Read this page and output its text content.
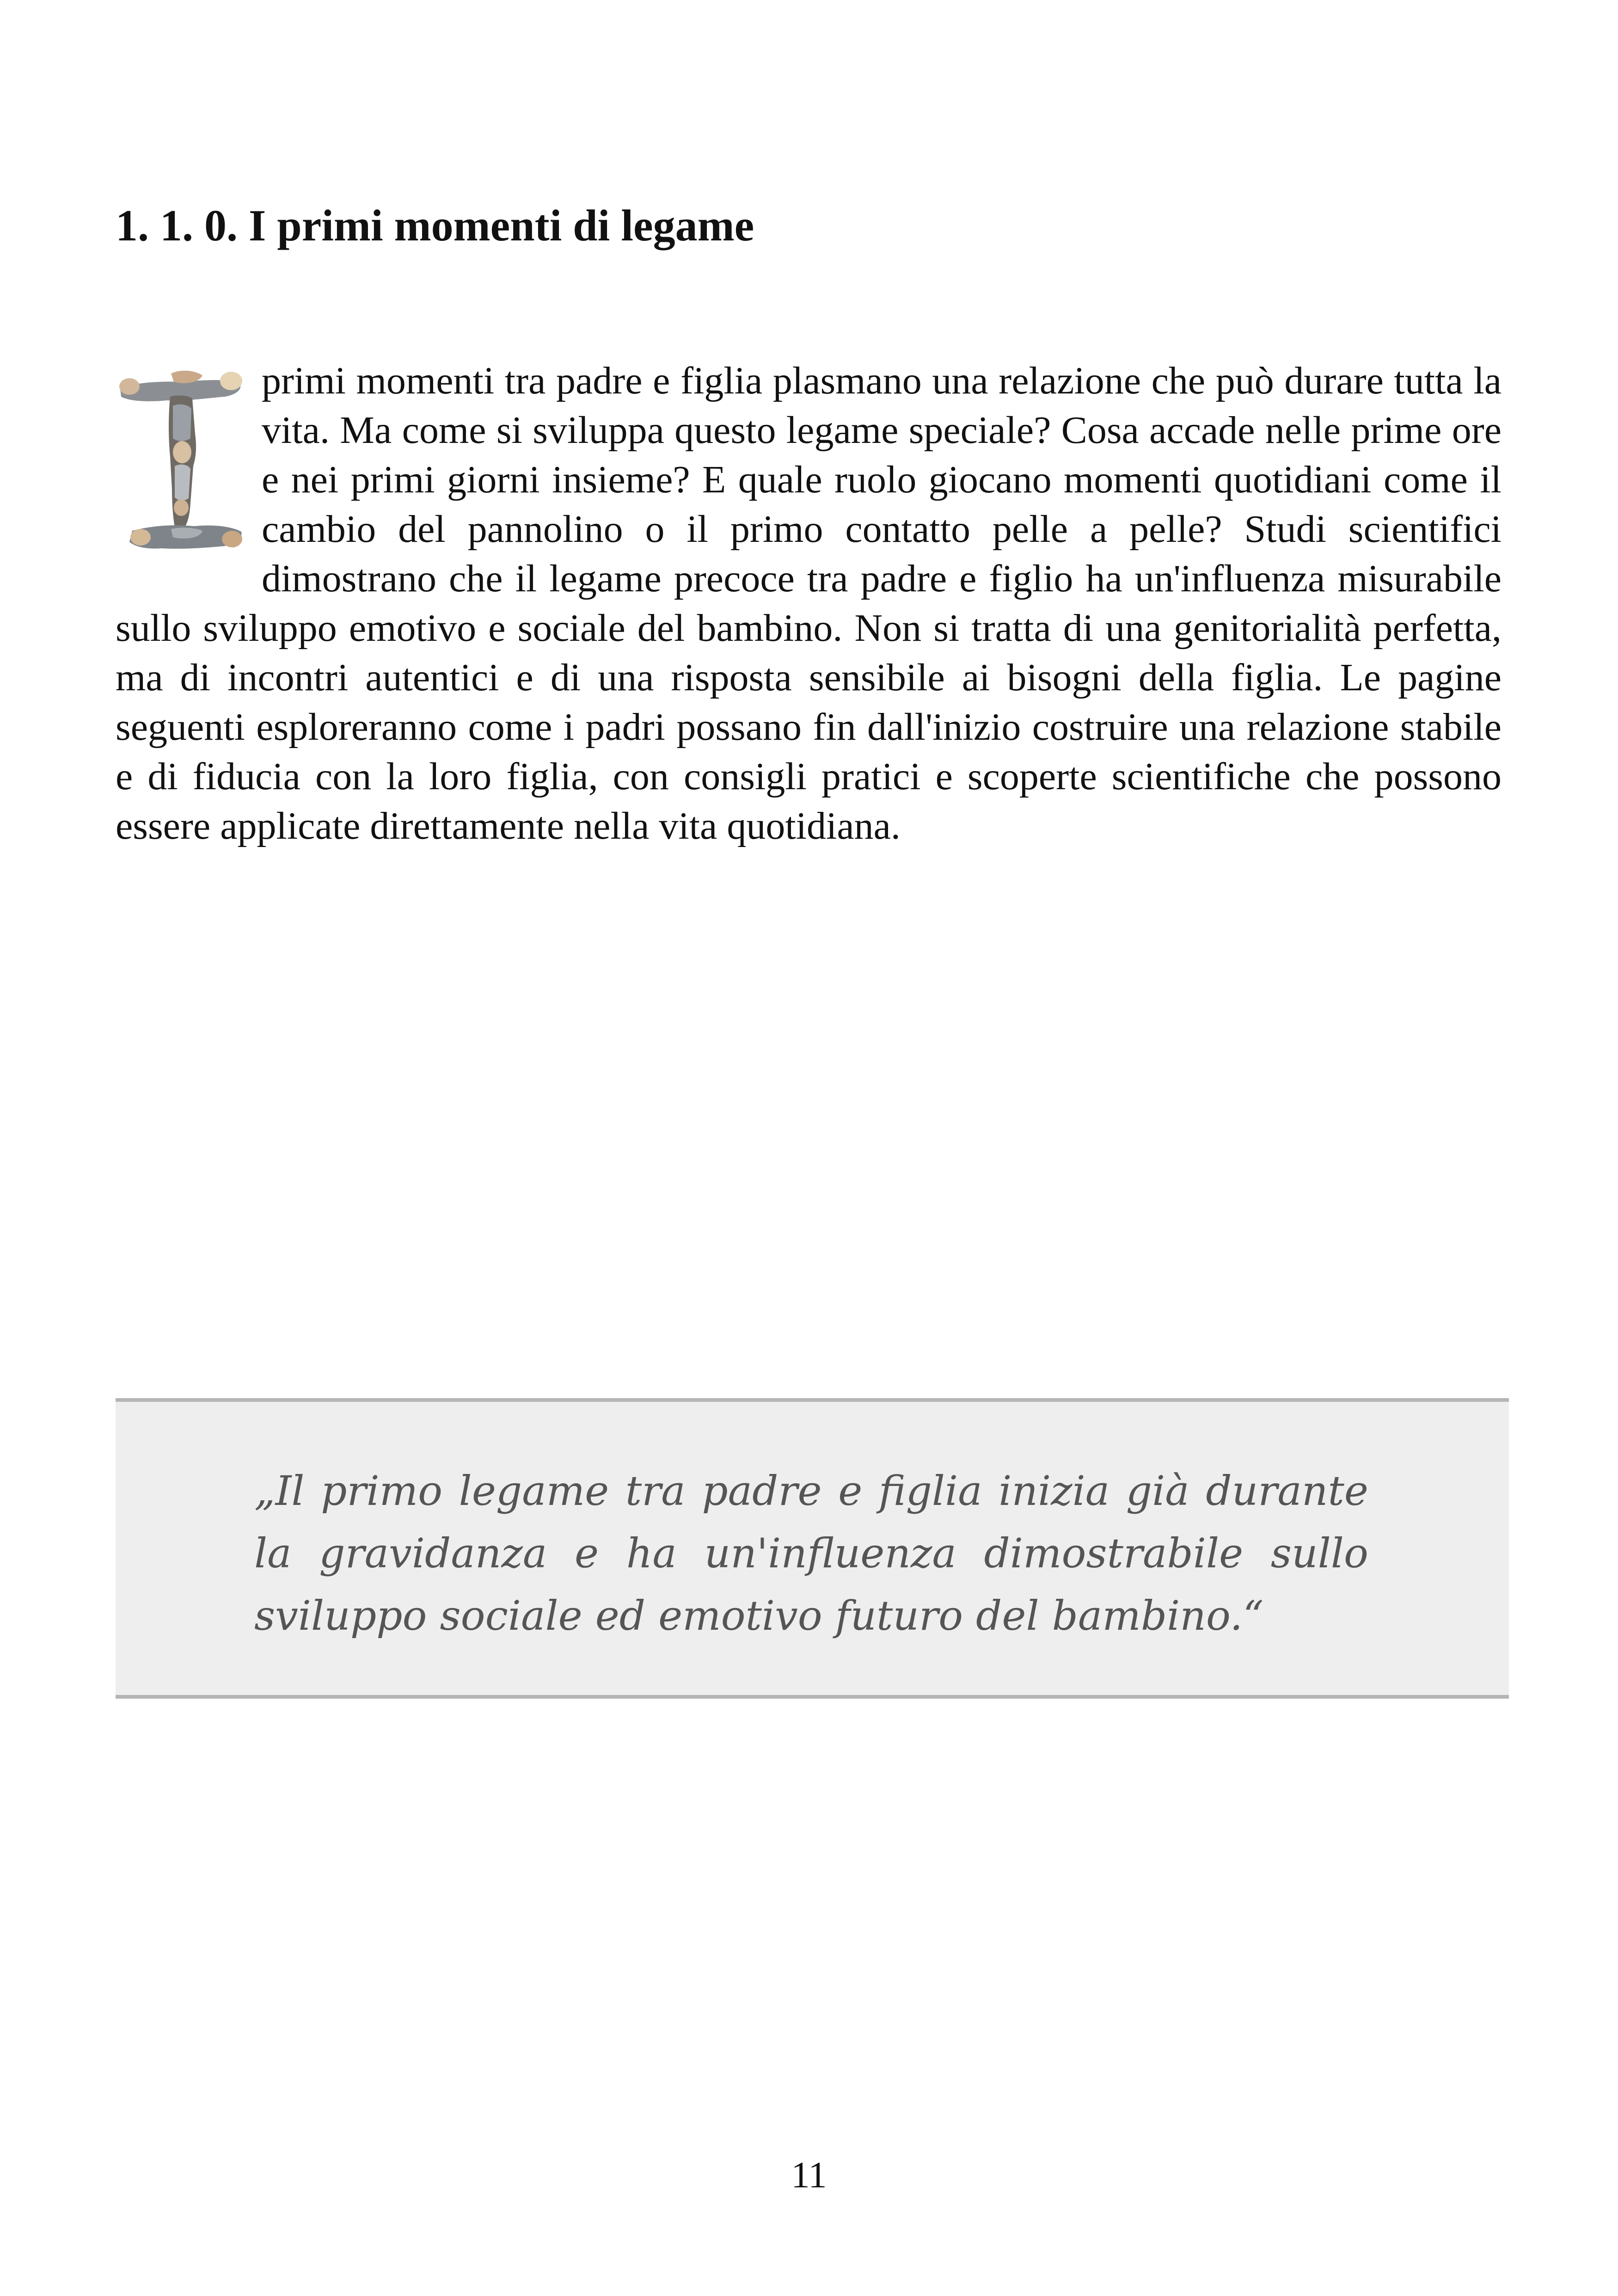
1. 1. 0. I primi momenti di legame
primi momenti tra padre e figlia plasmano una relazione che può durare tutta la vita. Ma come si sviluppa questo legame speciale? Cosa accade nelle prime ore e nei primi giorni insieme? E quale ruolo giocano momenti quotidiani come il cambio del pannolino o il primo contatto pelle a pelle? Studi scientifici dimostrano che il legame precoce tra padre e figlio ha un'influenza misurabile sullo sviluppo emotivo e sociale del bambino. Non si tratta di una genitorialità perfetta, ma di incontri autentici e di una risposta sensibile ai bisogni della figlia. Le pagine seguenti esploreranno come i padri possano fin dall'inizio costruire una relazione stabile e di fiducia con la loro figlia, con consigli pratici e scoperte scientifiche che possono essere applicate direttamente nella vita quotidiana.

„Il primo legame tra padre e figlia inizia già durante la gravidanza e ha un'influenza dimostrabile sullo sviluppo sociale ed emotivo futuro del bambino.“

11
